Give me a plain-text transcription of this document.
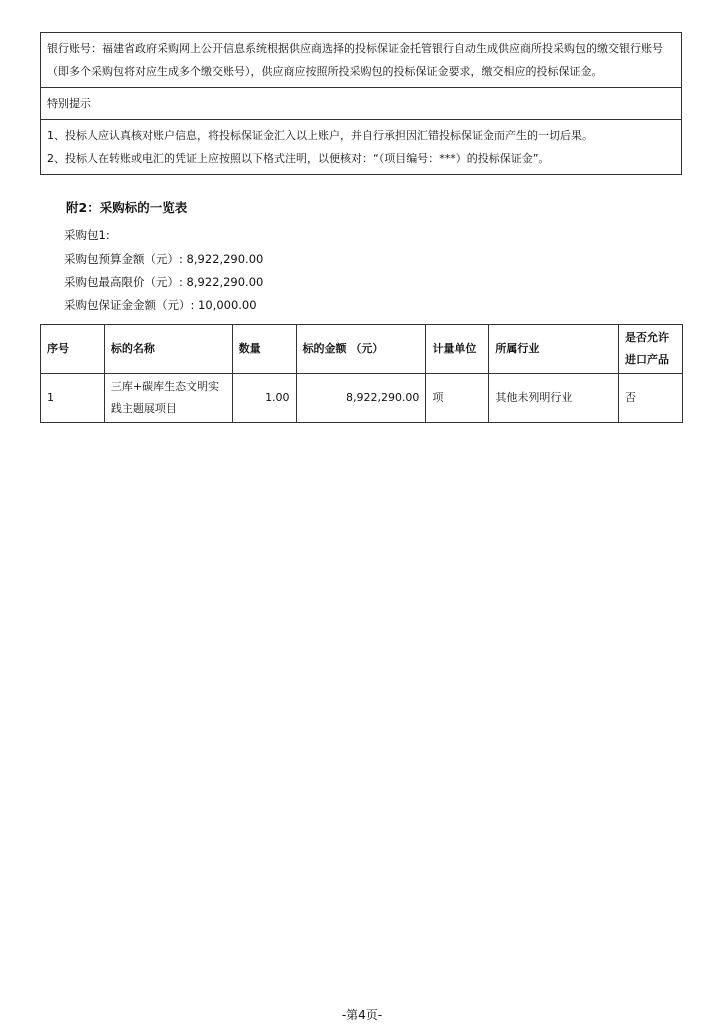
银行账号：福建省政府采购网上公开信息系统根据供应商选择的投标保证金托管银行自动生成供应商所投采购包的缴交银行账号（即多个采购包将对应生成多个缴交账号），供应商应按照所投采购包的投标保证金要求，缴交相应的投标保证金。
特别提示
1、投标人应认真核对账户信息，将投标保证金汇入以上账户，并自行承担因汇错投标保证金而产生的一切后果。
2、投标人在转账或电汇的凭证上应按照以下格式注明，以便核对：“（项目编号：***）的投标保证金”。
附2：采购标的一览表
采购包1:
采购包预算金额（元）: 8,922,290.00
采购包最高限价（元）: 8,922,290.00
采购包保证金金额（元）: 10,000.00
序号	标的名称	数量	标的金额 （元）	计量单位	所属行业	是否允许进口产品
1	三库+碳库生态文明实践主题展项目	1.00	8,922,290.00	项	其他未列明行业	否
-第4页-
